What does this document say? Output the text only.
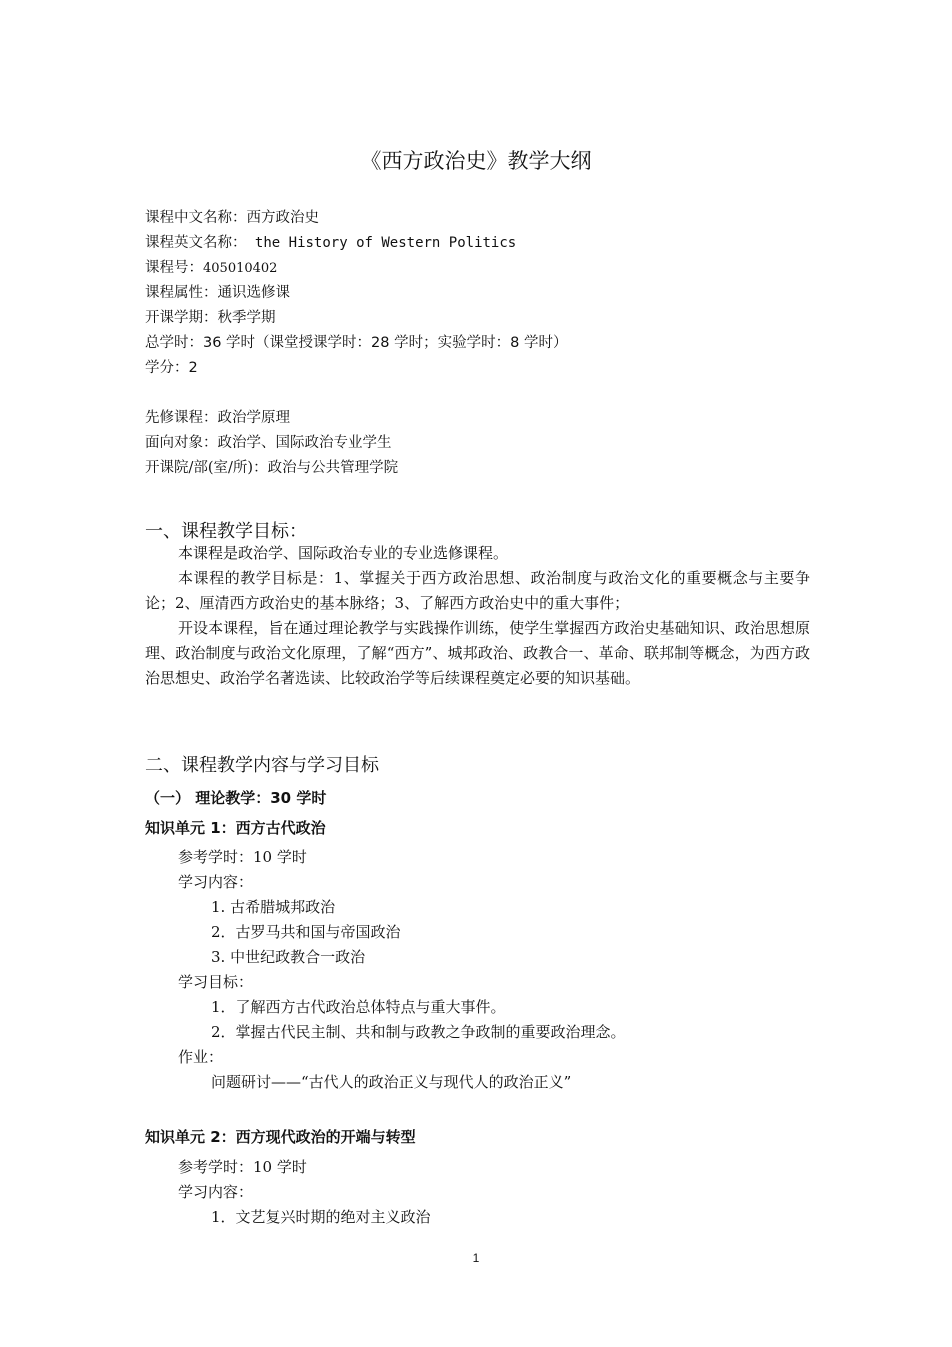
《西方政治史》教学大纲
课程中文名称：西方政治史
课程英文名称： the History of Western Politics
课程号：405010402
课程属性：通识选修课
开课学期：秋季学期
总学时：36 学时（课堂授课学时：28 学时；实验学时：8 学时）
学分：2
先修课程：政治学原理
面向对象：政治学、国际政治专业学生
开课院/部(室/所)：政治与公共管理学院
一、课程教学目标：
本课程是政治学、国际政治专业的专业选修课程。
本课程的教学目标是：1、掌握关于西方政治思想、政治制度与政治文化的重要概念与主要争论；2、厘清西方政治史的基本脉络；3、了解西方政治史中的重大事件；
开设本课程，旨在通过理论教学与实践操作训练，使学生掌握西方政治史基础知识、政治思想原理、政治制度与政治文化原理，了解“西方”、城邦政治、政教合一、革命、联邦制等概念，为西方政治思想史、政治学名著选读、比较政治学等后续课程奠定必要的知识基础。
二、课程教学内容与学习目标
（一） 理论教学：30 学时
知识单元 1：西方古代政治
参考学时：10 学时
学习内容：
1. 古希腊城邦政治
2．古罗马共和国与帝国政治
3. 中世纪政教合一政治
学习目标：
1．了解西方古代政治总体特点与重大事件。
2．掌握古代民主制、共和制与政教之争政制的重要政治理念。
作业：
问题研讨——“古代人的政治正义与现代人的政治正义”
知识单元 2：西方现代政治的开端与转型
参考学时：10 学时
学习内容：
1．文艺复兴时期的绝对主义政治
1
